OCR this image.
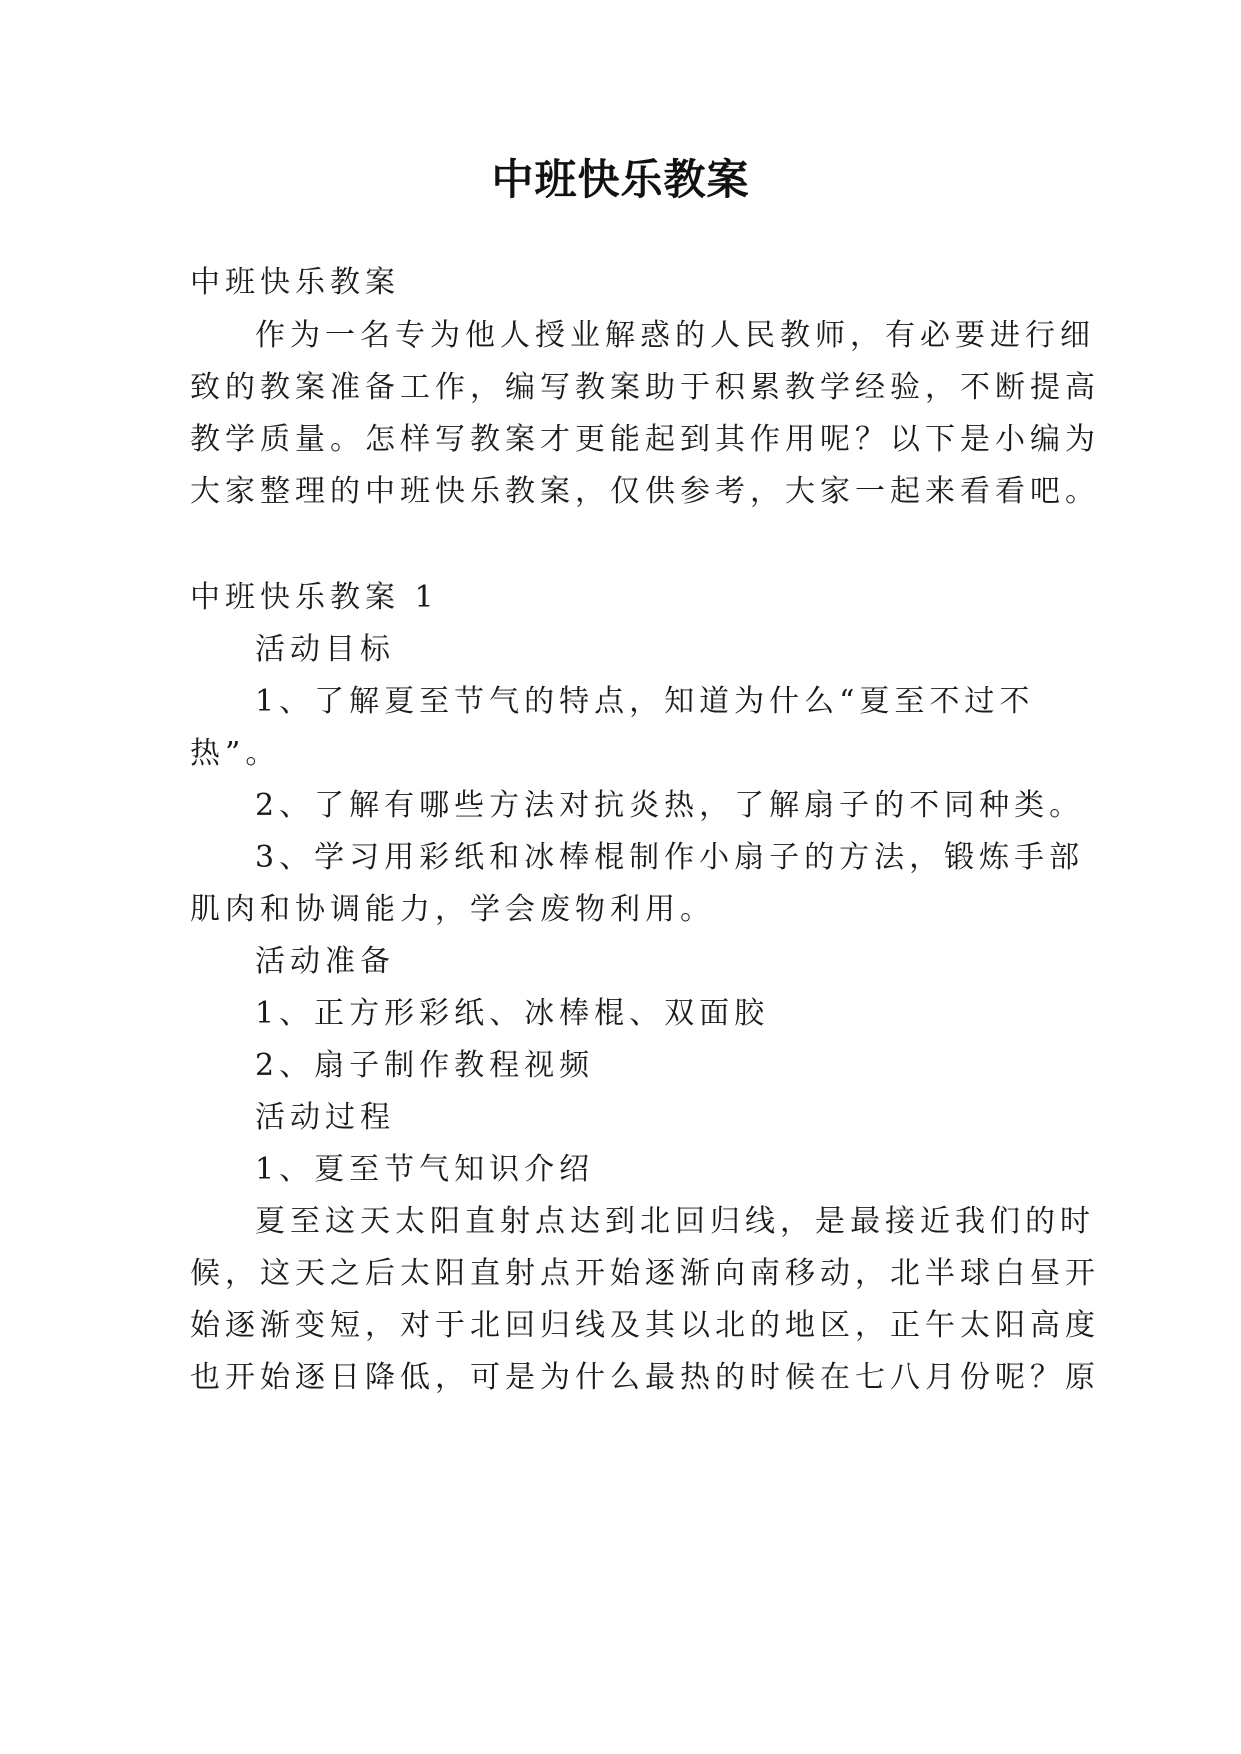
中班快乐教案
中班快乐教案
作为一名专为他人授业解惑的人民教师，有必要进行细
致的教案准备工作，编写教案助于积累教学经验，不断提高
教学质量。怎样写教案才更能起到其作用呢？以下是小编为
大家整理的中班快乐教案，仅供参考，大家一起来看看吧。
中班快乐教案 1
活动目标
1、了解夏至节气的特点，知道为什么“夏至不过不
热”。
2、了解有哪些方法对抗炎热，了解扇子的不同种类。
3、学习用彩纸和冰棒棍制作小扇子的方法，锻炼手部
肌肉和协调能力，学会废物利用。
活动准备
1、正方形彩纸、冰棒棍、双面胶
2、扇子制作教程视频
活动过程
1、夏至节气知识介绍
夏至这天太阳直射点达到北回归线，是最接近我们的时
候，这天之后太阳直射点开始逐渐向南移动，北半球白昼开
始逐渐变短，对于北回归线及其以北的地区，正午太阳高度
也开始逐日降低，可是为什么最热的时候在七八月份呢？原
